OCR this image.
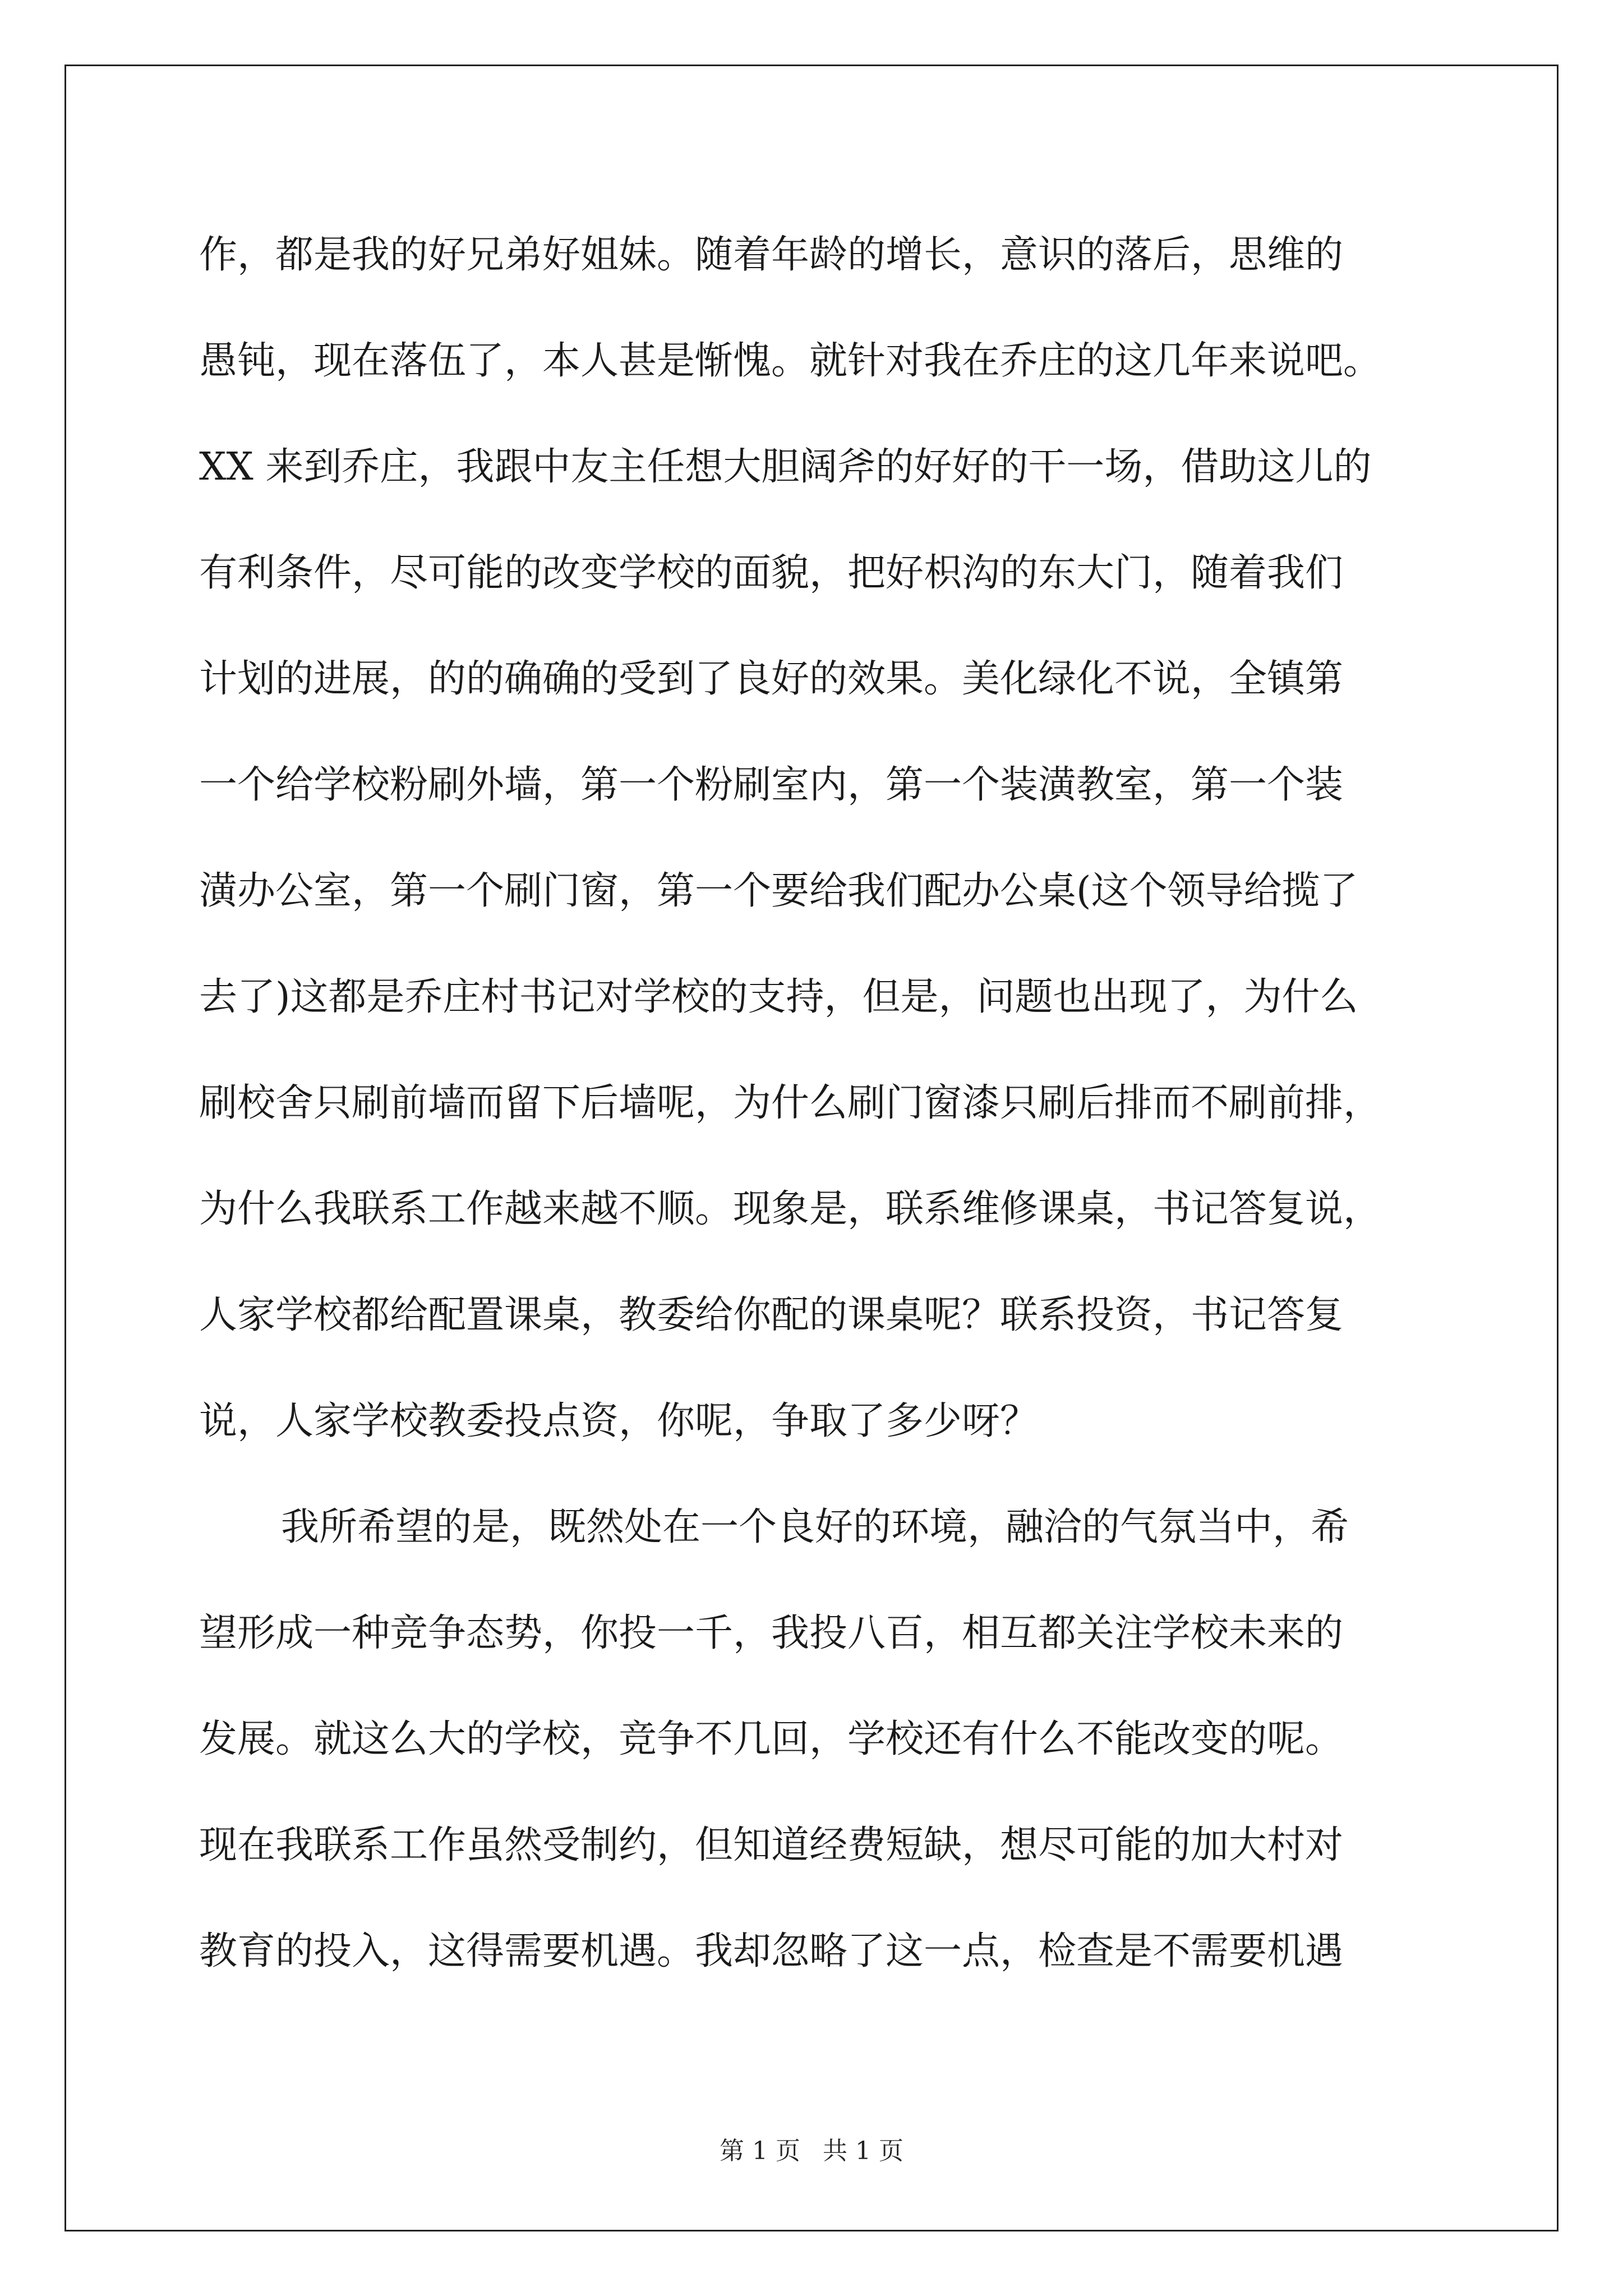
作，都是我的好兄弟好姐妹。随着年龄的增长，意识的落后，思维的
愚钝，现在落伍了，本人甚是惭愧。就针对我在乔庄的这几年来说吧。
XX 来到乔庄，我跟中友主任想大胆阔斧的好好的干一场，借助这儿的
有利条件，尽可能的改变学校的面貌，把好枳沟的东大门，随着我们
计划的进展，的的确确的受到了良好的效果。美化绿化不说，全镇第
一个给学校粉刷外墙，第一个粉刷室内，第一个装潢教室，第一个装
潢办公室，第一个刷门窗，第一个要给我们配办公桌(这个领导给揽了
去了)这都是乔庄村书记对学校的支持，但是，问题也出现了，为什么
刷校舍只刷前墙而留下后墙呢，为什么刷门窗漆只刷后排而不刷前排，
为什么我联系工作越来越不顺。现象是，联系维修课桌，书记答复说，
人家学校都给配置课桌，教委给你配的课桌呢？联系投资，书记答复
说，人家学校教委投点资，你呢，争取了多少呀？
我所希望的是，既然处在一个良好的环境，融洽的气氛当中，希
望形成一种竞争态势，你投一千，我投八百，相互都关注学校未来的
发展。就这么大的学校，竞争不几回，学校还有什么不能改变的呢。
现在我联系工作虽然受制约，但知道经费短缺，想尽可能的加大村对
教育的投入，这得需要机遇。我却忽略了这一点，检查是不需要机遇
第 1 页 共 1 页
